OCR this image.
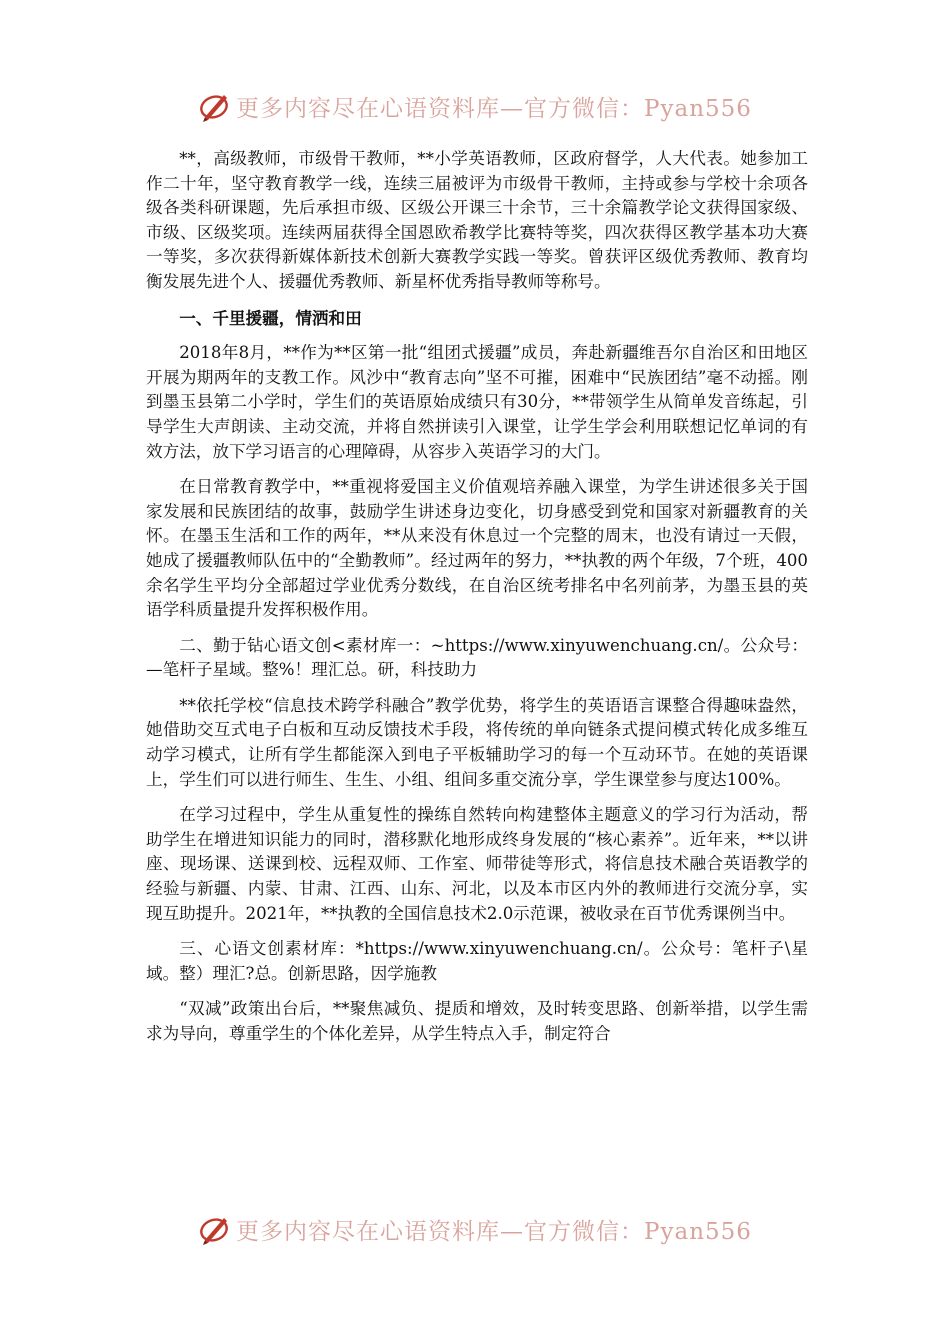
更多内容尽在心语资料库—官方微信：Pyan556

**，高级教师，市级骨干教师，**小学英语教师，区政府督学，人大代表。她参加工作二十年，坚守教育教学一线，连续三届被评为市级骨干教师，主持或参与学校十余项各级各类科研课题，先后承担市级、区级公开课三十余节，三十余篇教学论文获得国家级、市级、区级奖项。连续两届获得全国恩欧希教学比赛特等奖，四次获得区教学基本功大赛一等奖，多次获得新媒体新技术创新大赛教学实践一等奖。曾获评区级优秀教师、教育均衡发展先进个人、援疆优秀教师、新星杯优秀指导教师等称号。

一、千里援疆，情洒和田

2018年8月，**作为**区第一批“组团式援疆”成员，奔赴新疆维吾尔自治区和田地区开展为期两年的支教工作。风沙中“教育志向”坚不可摧，困难中“民族团结”毫不动摇。刚到墨玉县第二小学时，学生们的英语原始成绩只有30分，**带领学生从简单发音练起，引导学生大声朗读、主动交流，并将自然拼读引入课堂，让学生学会利用联想记忆单词的有效方法，放下学习语言的心理障碍，从容步入英语学习的大门。

在日常教育教学中，**重视将爱国主义价值观培养融入课堂，为学生讲述很多关于国家发展和民族团结的故事，鼓励学生讲述身边变化，切身感受到党和国家对新疆教育的关怀。在墨玉生活和工作的两年，**从来没有休息过一个完整的周末，也没有请过一天假，她成了援疆教师队伍中的“全勤教师”。经过两年的努力，**执教的两个年级，7个班，400余名学生平均分全部超过学业优秀分数线，在自治区统考排名中名列前茅，为墨玉县的英语学科质量提升发挥积极作用。

二、勤于钻心语文创<素材库一：~https://www.xinyuwenchuang.cn/。公众号：—笔杆子星域。整%！理汇总。研，科技助力

**依托学校“信息技术跨学科融合”教学优势，将学生的英语语言课整合得趣味盎然，她借助交互式电子白板和互动反馈技术手段，将传统的单向链条式提问模式转化成多维互动学习模式，让所有学生都能深入到电子平板辅助学习的每一个互动环节。在她的英语课上，学生们可以进行师生、生生、小组、组间多重交流分享，学生课堂参与度达100%。

在学习过程中，学生从重复性的操练自然转向构建整体主题意义的学习行为活动，帮助学生在增进知识能力的同时，潜移默化地形成终身发展的“核心素养”。近年来，**以讲座、现场课、送课到校、远程双师、工作室、师带徒等形式，将信息技术融合英语教学的经验与新疆、内蒙、甘肃、江西、山东、河北，以及本市区内外的教师进行交流分享，实现互助提升。2021年，**执教的全国信息技术2.0示范课，被收录在百节优秀课例当中。

三、心语文创素材库：*https://www.xinyuwenchuang.cn/。公众号：笔杆子\星域。整）理汇?总。创新思路，因学施教

“双减”政策出台后，**聚焦减负、提质和增效，及时转变思路、创新举措，以学生需求为导向，尊重学生的个体化差异，从学生特点入手，制定符合

更多内容尽在心语资料库—官方微信：Pyan556
